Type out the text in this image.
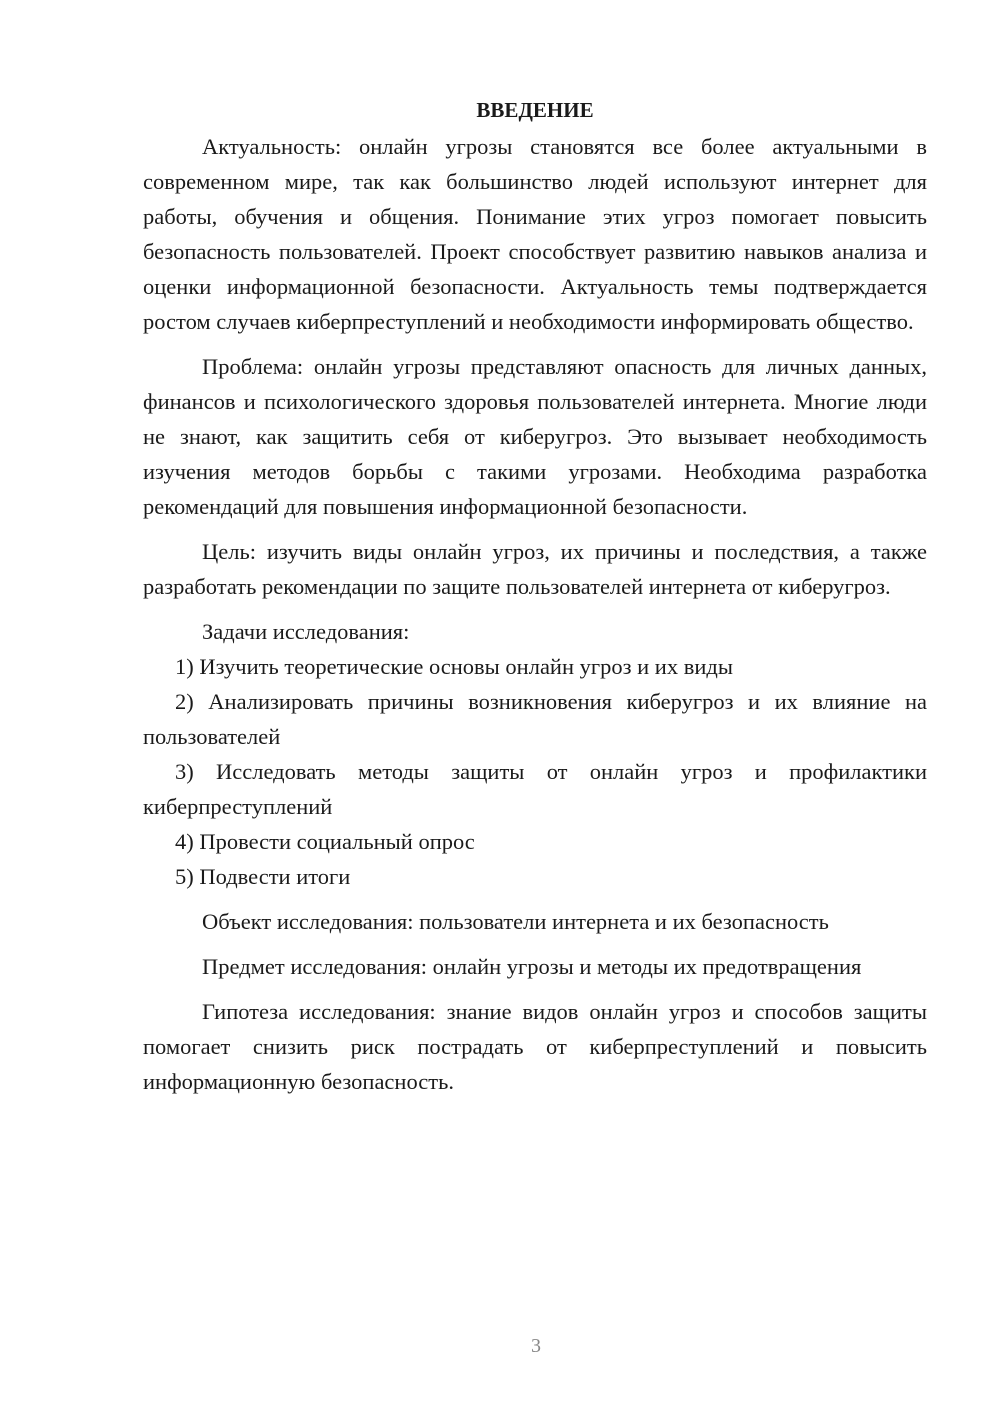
ВВЕДЕНИЕ

Актуальность: онлайн угрозы становятся все более актуальными в современном мире, так как большинство людей используют интернет для работы, обучения и общения. Понимание этих угроз помогает повысить безопасность пользователей. Проект способствует развитию навыков анализа и оценки информационной безопасности. Актуальность темы подтверждается ростом случаев киберпреступлений и необходимости информировать общество.

Проблема: онлайн угрозы представляют опасность для личных данных, финансов и психологического здоровья пользователей интернета. Многие люди не знают, как защитить себя от киберугроз. Это вызывает необходимость изучения методов борьбы с такими угрозами. Необходима разработка рекомендаций для повышения информационной безопасности.

Цель: изучить виды онлайн угроз, их причины и последствия, а также разработать рекомендации по защите пользователей интернета от киберугроз.

Задачи исследования:

1) Изучить теоретические основы онлайн угроз и их виды

2) Анализировать причины возникновения киберугроз и их влияние на пользователей

3) Исследовать методы защиты от онлайн угроз и профилактики киберпреступлений

4) Провести социальный опрос

5) Подвести итоги

Объект исследования: пользователи интернета и их безопасность

Предмет исследования: онлайн угрозы и методы их предотвращения

Гипотеза исследования: знание видов онлайн угроз и способов защиты помогает снизить риск пострадать от киберпреступлений и повысить информационную безопасность.

3
